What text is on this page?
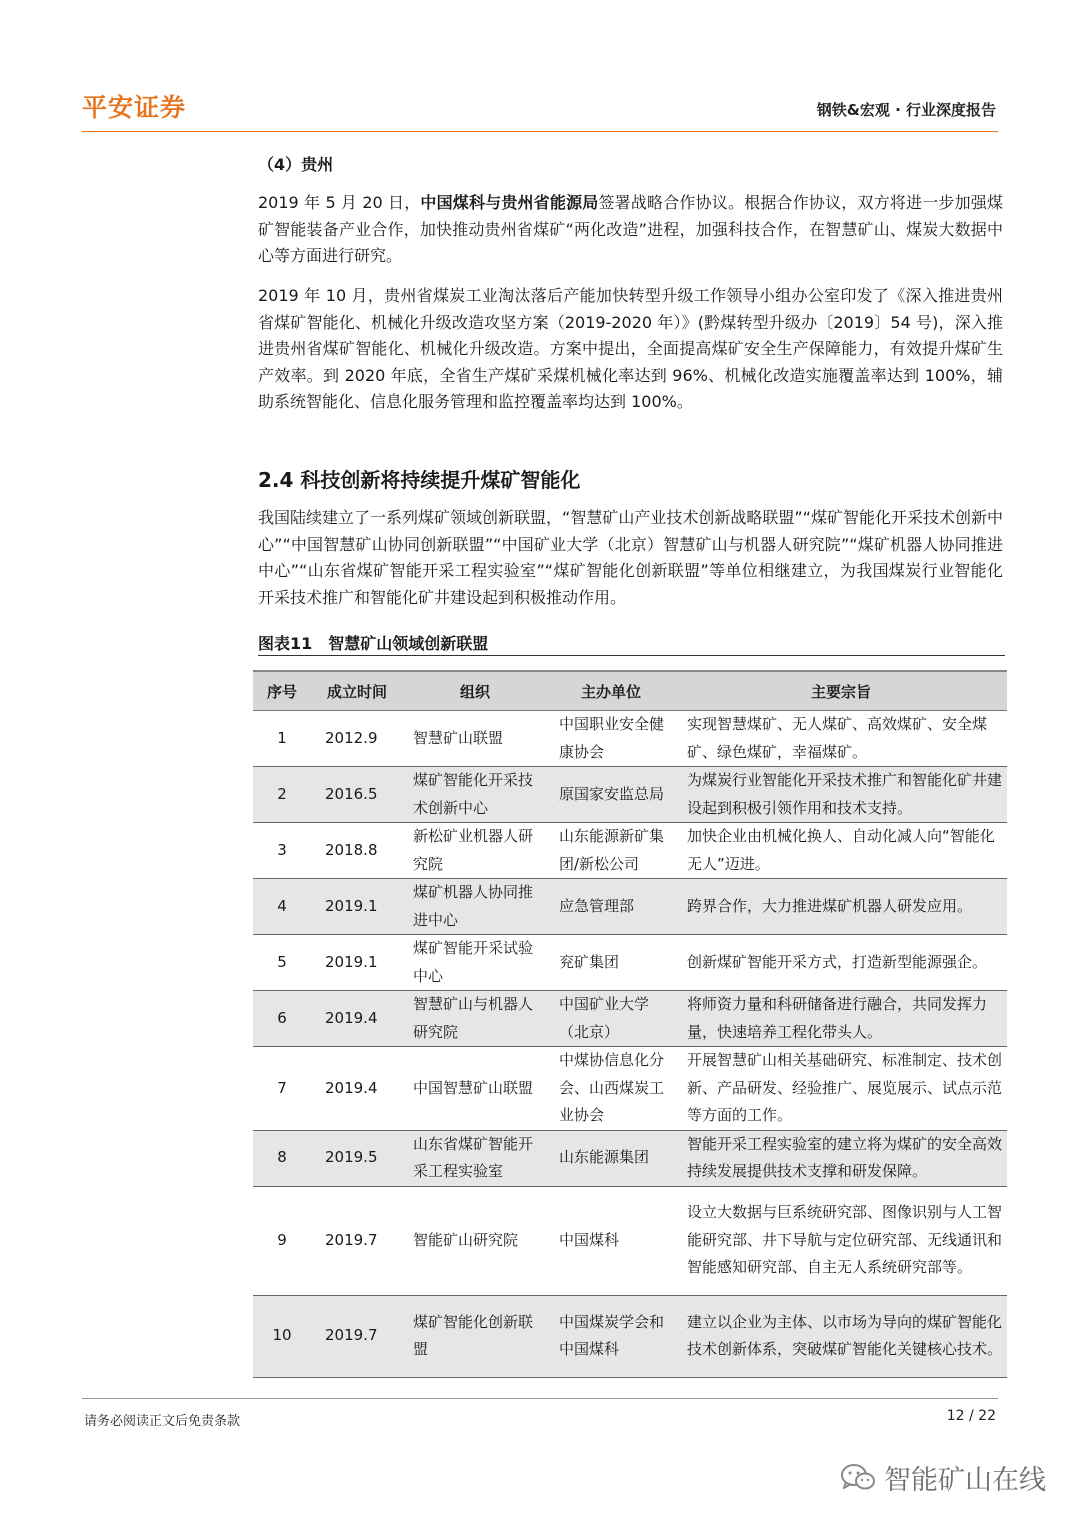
平安证券	钢铁&宏观 · 行业深度报告
（4）贵州

2019 年 5 月 20 日，中国煤科与贵州省能源局签署战略合作协议。根据合作协议，双方将进一步加强煤矿智能装备产业合作，加快推动贵州省煤矿“两化改造”进程，加强科技合作，在智慧矿山、煤炭大数据中心等方面进行研究。

2019 年 10 月，贵州省煤炭工业淘汰落后产能加快转型升级工作领导小组办公室印发了《深入推进贵州省煤矿智能化、机械化升级改造攻坚方案（2019-2020 年）》(黔煤转型升级办〔2019〕54 号)，深入推进贵州省煤矿智能化、机械化升级改造。方案中提出，全面提高煤矿安全生产保障能力，有效提升煤矿生产效率。到 2020 年底，全省生产煤矿采煤机械化率达到 96%、机械化改造实施覆盖率达到 100%，辅助系统智能化、信息化服务管理和监控覆盖率均达到 100%。

2.4 科技创新将持续提升煤矿智能化

我国陆续建立了一系列煤矿领域创新联盟，“智慧矿山产业技术创新战略联盟”“煤矿智能化开采技术创新中心”“中国智慧矿山协同创新联盟”“中国矿业大学（北京）智慧矿山与机器人研究院”“煤矿机器人协同推进中心”“山东省煤矿智能开采工程实验室”“煤矿智能化创新联盟”等单位相继建立，为我国煤炭行业智能化开采技术推广和智能化矿井建设起到积极推动作用。

图表11 智慧矿山领域创新联盟
序号	成立时间	组织	主办单位	主要宗旨
1	2012.9	智慧矿山联盟	中国职业安全健康协会	实现智慧煤矿、无人煤矿、高效煤矿、安全煤矿、绿色煤矿，幸福煤矿。
2	2016.5	煤矿智能化开采技术创新中心	原国家安监总局	为煤炭行业智能化开采技术推广和智能化矿井建设起到积极引领作用和技术支持。
3	2018.8	新松矿业机器人研究院	山东能源新矿集团/新松公司	加快企业由机械化换人、自动化减人向“智能化无人”迈进。
4	2019.1	煤矿机器人协同推进中心	应急管理部	跨界合作，大力推进煤矿机器人研发应用。
5	2019.1	煤矿智能开采试验中心	兖矿集团	创新煤矿智能开采方式，打造新型能源强企。
6	2019.4	智慧矿山与机器人研究院	中国矿业大学（北京）	将师资力量和科研储备进行融合，共同发挥力量，快速培养工程化带头人。
7	2019.4	中国智慧矿山联盟	中煤协信息化分会、山西煤炭工业协会	开展智慧矿山相关基础研究、标准制定、技术创新、产品研发、经验推广、展览展示、试点示范等方面的工作。
8	2019.5	山东省煤矿智能开采工程实验室	山东能源集团	智能开采工程实验室的建立将为煤矿的安全高效持续发展提供技术支撑和研发保障。
9	2019.7	智能矿山研究院	中国煤科	设立大数据与巨系统研究部、图像识别与人工智能研究部、井下导航与定位研究部、无线通讯和智能感知研究部、自主无人系统研究部等。
10	2019.7	煤矿智能化创新联盟	中国煤炭学会和中国煤科	建立以企业为主体、以市场为导向的煤矿智能化技术创新体系，突破煤矿智能化关键核心技术。
请务必阅读正文后免责条款	12 / 22
智能矿山在线
